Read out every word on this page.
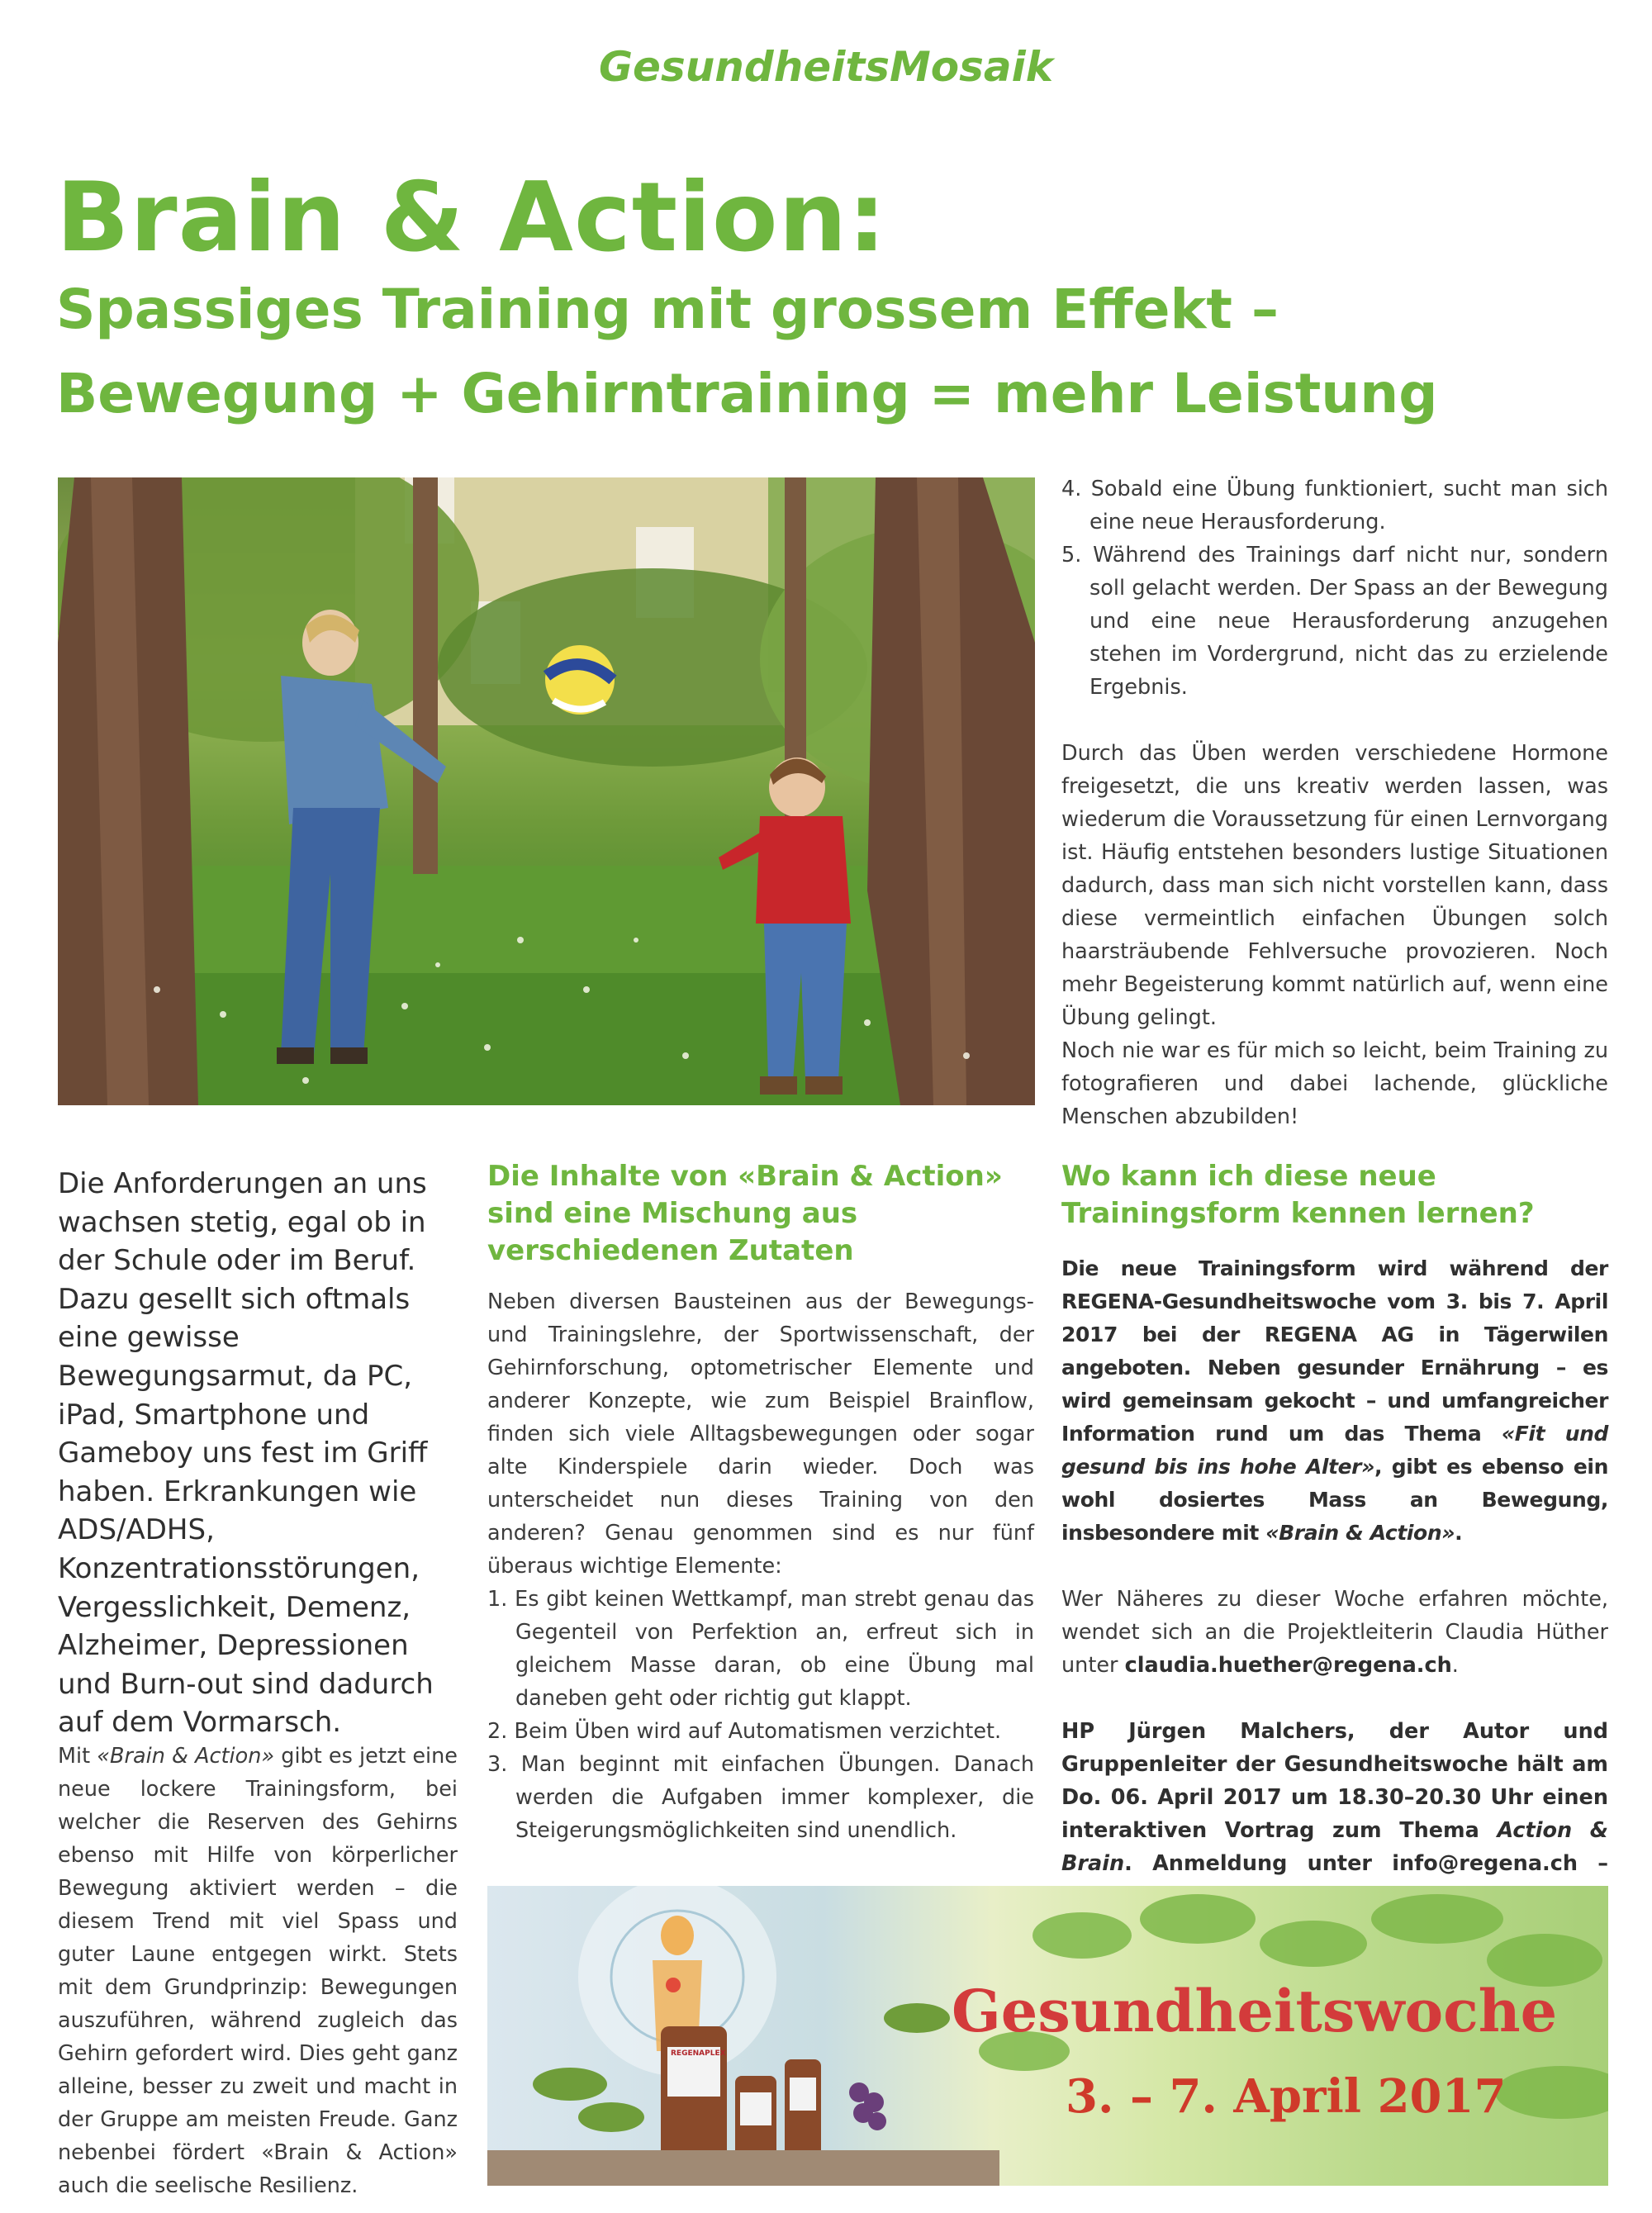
GesundheitsMosaik
Brain & Action:
Spassiges Training mit grossem Effekt –
Bewegung + Gehirntraining = mehr Leistung
4. Sobald eine Übung funktioniert, sucht man sich eine neue Herausforderung.
5. Während des Trainings darf nicht nur, sondern soll gelacht werden. Der Spass an der Bewegung und eine neue Herausforderung anzugehen stehen im Vordergrund, nicht das zu erzielende Ergebnis.

Durch das Üben werden verschiedene Hormone freigesetzt, die uns kreativ werden lassen, was wiederum die Voraussetzung für einen Lernvorgang ist. Häufig entstehen besonders lustige Situationen dadurch, dass man sich nicht vorstellen kann, dass diese vermeintlich einfachen Übungen solch haarsträubende Fehlversuche provozieren. Noch mehr Begeisterung kommt natürlich auf, wenn eine Übung gelingt.

Noch nie war es für mich so leicht, beim Training zu fotografieren und dabei lachende, glückliche Menschen abzubilden!

Die Anforderungen an uns wachsen stetig, egal ob in der Schule oder im Beruf. Dazu gesellt sich oftmals eine gewisse Bewegungsarmut, da PC, iPad, Smartphone und Gameboy uns fest im Griff haben. Erkrankungen wie ADS/ADHS, Konzentrationsstörungen, Vergesslichkeit, Demenz, Alzheimer, Depressionen und Burn-out sind dadurch auf dem Vormarsch.

Mit «Brain & Action» gibt es jetzt eine neue lockere Trainingsform, bei welcher die Reserven des Gehirns ebenso mit Hilfe von körperlicher Bewegung aktiviert werden – die diesem Trend mit viel Spass und guter Laune entgegen wirkt. Stets mit dem Grundprinzip: Bewegungen auszuführen, während zugleich das Gehirn gefordert wird. Dies geht ganz alleine, besser zu zweit und macht in der Gruppe am meisten Freude. Ganz nebenbei fördert «Brain & Action» auch die seelische Resilienz.

Die Inhalte von «Brain & Action» sind eine Mischung aus verschiedenen Zutaten

Neben diversen Bausteinen aus der Bewegungs- und Trainingslehre, der Sportwissenschaft, der Gehirnforschung, optometrischer Elemente und anderer Konzepte, wie zum Beispiel Brainflow, finden sich viele Alltagsbewegungen oder sogar alte Kinderspiele darin wieder. Doch was unterscheidet nun dieses Training von den anderen? Genau genommen sind es nur fünf überaus wichtige Elemente:

1. Es gibt keinen Wettkampf, man strebt genau das Gegenteil von Perfektion an, erfreut sich in gleichem Masse daran, ob eine Übung mal daneben geht oder richtig gut klappt.
2. Beim Üben wird auf Automatismen verzichtet.
3. Man beginnt mit einfachen Übungen. Danach werden die Aufgaben immer komplexer, die Steigerungsmöglichkeiten sind unendlich.
Wo kann ich diese neue Trainingsform kennen lernen?

Die neue Trainingsform wird während der REGENA-Gesundheitswoche vom 3. bis 7. April 2017 bei der REGENA AG in Tägerwilen angeboten. Neben gesunder Ernährung – es wird gemeinsam gekocht – und umfangreicher Information rund um das Thema «Fit und gesund bis ins hohe Alter», gibt es ebenso ein wohl dosiertes Mass an Bewegung, insbesondere mit «Brain & Action».

Wer Näheres zu dieser Woche erfahren möchte, wendet sich an die Projektleiterin Claudia Hüther unter claudia.huether@regena.ch.

HP Jürgen Malchers, der Autor und Gruppenleiter der Gesundheitswoche hält am Do. 06. April 2017 um 18.30–20.30 Uhr einen interaktiven Vortrag zum Thema Action & Brain. Anmeldung unter info@regena.ch –

Gesundheitswoche
3. – 7. April 2017
REGENAPLEX
